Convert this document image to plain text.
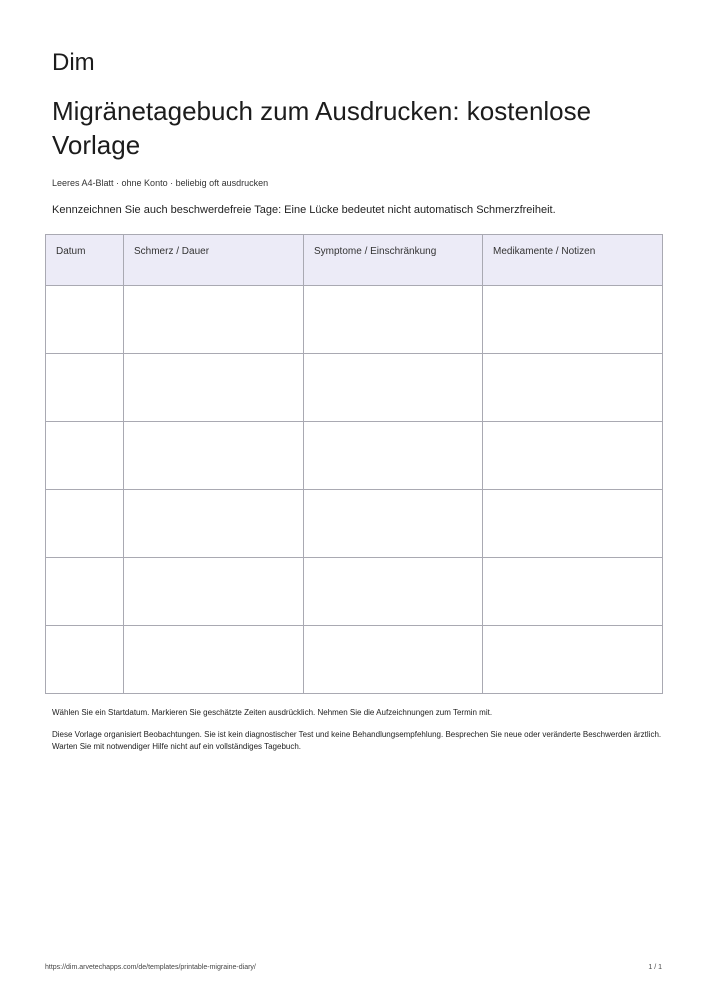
Dim
Migränetagebuch zum Ausdrucken: kostenlose Vorlage
Leeres A4-Blatt · ohne Konto · beliebig oft ausdrucken
Kennzeichnen Sie auch beschwerdefreie Tage: Eine Lücke bedeutet nicht automatisch Schmerzfreiheit.
Datum	Schmerz / Dauer	Symptome / Einschränkung	Medikamente / Notizen

Wählen Sie ein Startdatum. Markieren Sie geschätzte Zeiten ausdrücklich. Nehmen Sie die Aufzeichnungen zum Termin mit.
Diese Vorlage organisiert Beobachtungen. Sie ist kein diagnostischer Test und keine Behandlungsempfehlung. Besprechen Sie neue oder veränderte Beschwerden ärztlich. Warten Sie mit notwendiger Hilfe nicht auf ein vollständiges Tagebuch.
https://dim.arvetechapps.com/de/templates/printable-migraine-diary/	1 / 1
